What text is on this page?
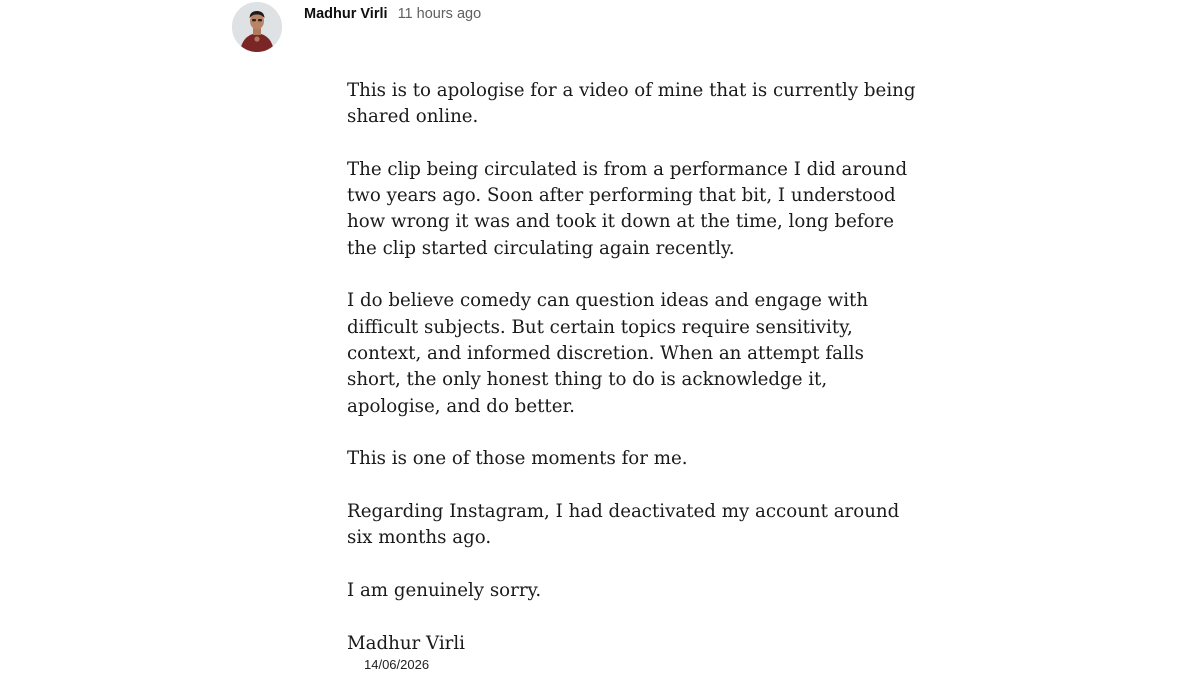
Madhur Virli 11 hours ago

This is to apologise for a video of mine that is currently being shared online.

The clip being circulated is from a performance I did around two years ago. Soon after performing that bit, I understood how wrong it was and took it down at the time, long before the clip started circulating again recently.

I do believe comedy can question ideas and engage with difficult subjects. But certain topics require sensitivity, context, and informed discretion. When an attempt falls short, the only honest thing to do is acknowledge it, apologise, and do better.

This is one of those moments for me.

Regarding Instagram, I had deactivated my account around six months ago.

I am genuinely sorry.

Madhur Virli
14/06/2026
